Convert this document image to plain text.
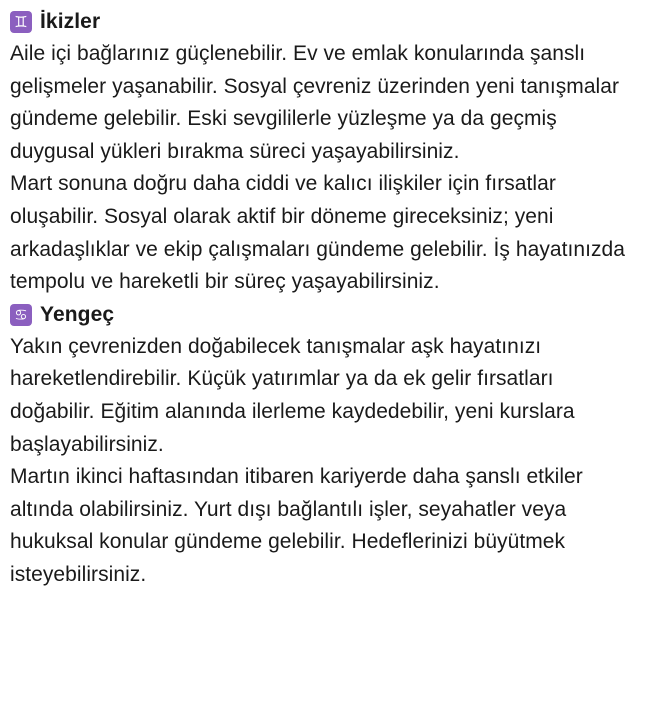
♊ İkizler

Aile içi bağlarınız güçlenebilir. Ev ve emlak konularında şanslı gelişmeler yaşanabilir. Sosyal çevreniz üzerinden yeni tanışmalar gündeme gelebilir. Eski sevgililerle yüzleşme ya da geçmiş duygusal yükleri bırakma süreci yaşayabilirsiniz.

Mart sonuna doğru daha ciddi ve kalıcı ilişkiler için fırsatlar oluşabilir. Sosyal olarak aktif bir döneme gireceksiniz; yeni arkadaşlıklar ve ekip çalışmaları gündeme gelebilir. İş hayatınızda tempolu ve hareketli bir süreç yaşayabilirsiniz.

♋ Yengeç

Yakın çevrenizden doğabilecek tanışmalar aşk hayatınızı hareketlendirebilir. Küçük yatırımlar ya da ek gelir fırsatları doğabilir. Eğitim alanında ilerleme kaydedebilir, yeni kurslara başlayabilirsiniz.

Martın ikinci haftasından itibaren kariyerde daha şanslı etkiler altında olabilirsiniz. Yurt dışı bağlantılı işler, seyahatler veya hukuksal konular gündeme gelebilir. Hedeflerinizi büyütmek isteyebilirsiniz.
